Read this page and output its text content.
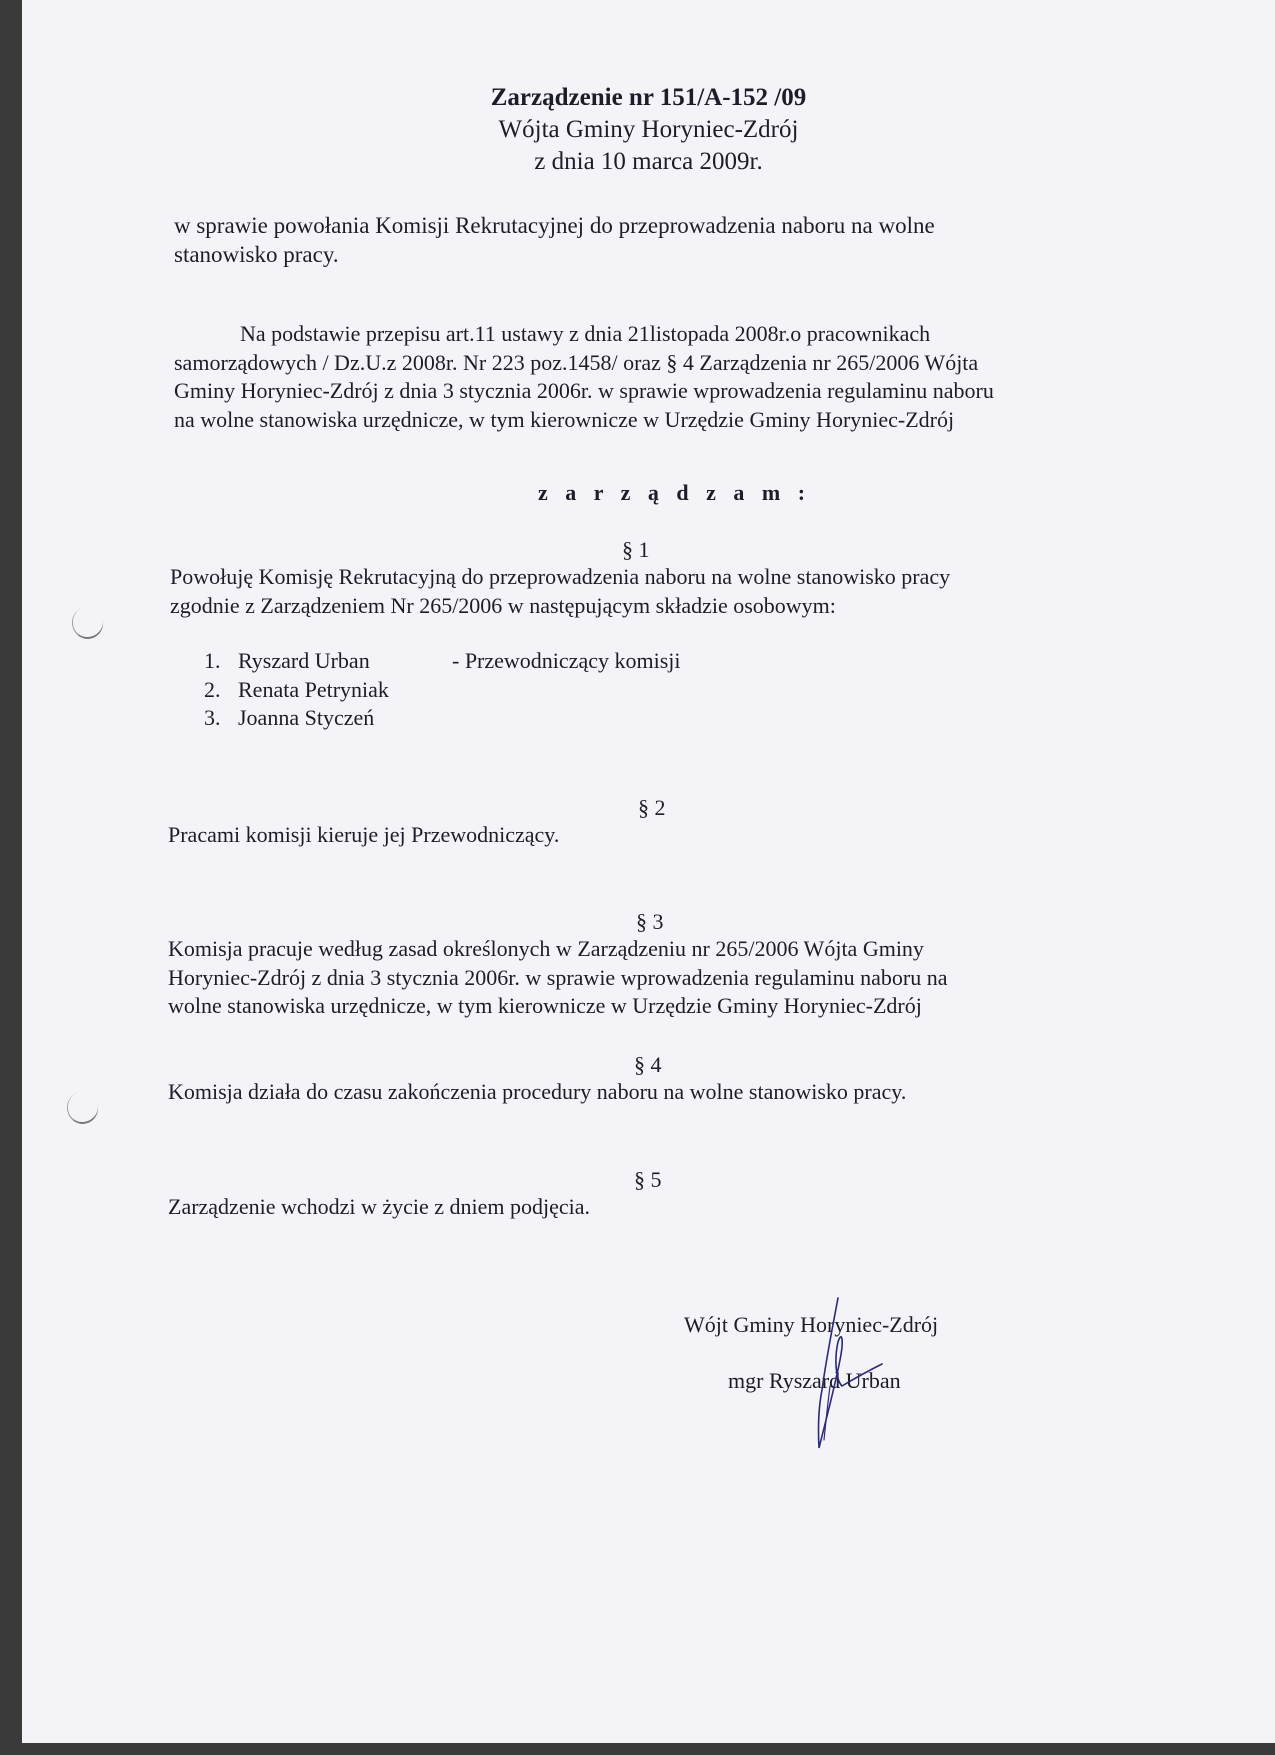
Zarządzenie nr 151/A-152 /09
Wójta Gminy Horyniec-Zdrój
z dnia 10 marca 2009r.
w sprawie powołania Komisji Rekrutacyjnej do przeprowadzenia naboru na wolne
stanowisko pracy.
Na podstawie przepisu art.11 ustawy z dnia 21listopada 2008r.o pracownikach
samorządowych / Dz.U.z 2008r. Nr 223 poz.1458/ oraz § 4 Zarządzenia nr 265/2006 Wójta
Gminy Horyniec-Zdrój z dnia 3 stycznia 2006r. w sprawie wprowadzenia regulaminu naboru
na wolne stanowiska urzędnicze, w tym kierownicze w Urzędzie Gminy Horyniec-Zdrój
z a r z ą d z a m :
§ 1
Powołuję Komisję Rekrutacyjną do przeprowadzenia naboru na wolne stanowisko pracy
zgodnie z Zarządzeniem Nr 265/2006 w następującym składzie osobowym:
1. Ryszard Urban	- Przewodniczący komisji
2. Renata Petryniak
3. Joanna Styczeń
§ 2
Pracami komisji kieruje jej Przewodniczący.
§ 3
Komisja pracuje według zasad określonych w Zarządzeniu nr 265/2006 Wójta Gminy
Horyniec-Zdrój z dnia 3 stycznia 2006r. w sprawie wprowadzenia regulaminu naboru na
wolne stanowiska urzędnicze, w tym kierownicze w Urzędzie Gminy Horyniec-Zdrój
§ 4
Komisja działa do czasu zakończenia procedury naboru na wolne stanowisko pracy.
§ 5
Zarządzenie wchodzi w życie z dniem podjęcia.
Wójt Gminy Horyniec-Zdrój
mgr Ryszard Urban
